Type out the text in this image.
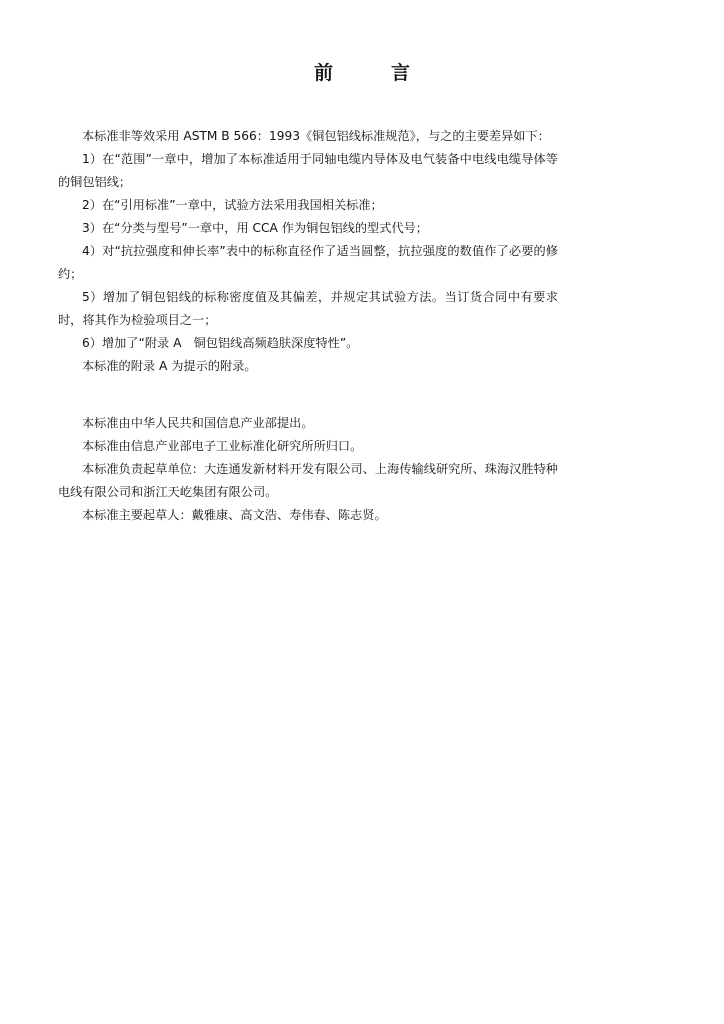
前	言

本标准非等效采用 ASTM B 566：1993《铜包铝线标准规范》，与之的主要差异如下：

1）在“范围”一章中，增加了本标准适用于同轴电缆内导体及电气装备中电线电缆导体等的铜包铝线；

2）在“引用标准”一章中，试验方法采用我国相关标准；

3）在“分类与型号”一章中，用 CCA 作为铜包铝线的型式代号；

4）对“抗拉强度和伸长率”表中的标称直径作了适当圆整，抗拉强度的数值作了必要的修约；

5）增加了铜包铝线的标称密度值及其偏差，并规定其试验方法。当订货合同中有要求时，将其作为检验项目之一；

6）增加了“附录 A　铜包铝线高频趋肤深度特性”。

本标准的附录 A 为提示的附录。

本标准由中华人民共和国信息产业部提出。

本标准由信息产业部电子工业标准化研究所所归口。

本标准负责起草单位：大连通发新材料开发有限公司、上海传输线研究所、珠海汉胜特种电线有限公司和浙江天屹集团有限公司。

本标准主要起草人：戴雅康、高文浩、寿伟春、陈志贤。
